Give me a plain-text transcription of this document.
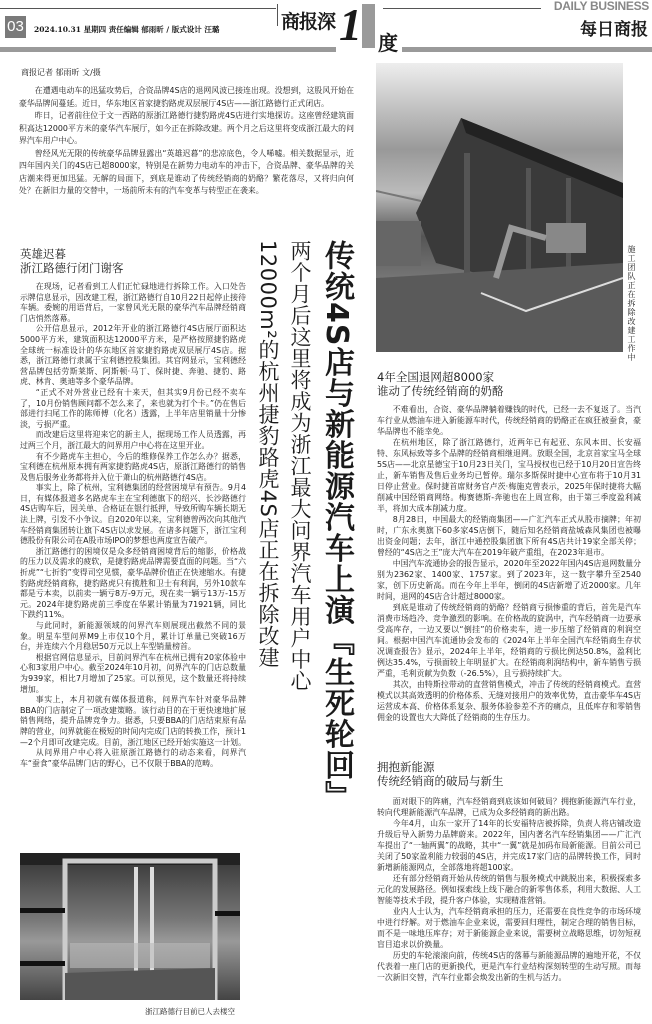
03 2024.10.31 星期四 责任编辑 郁雨昕 / 版式设计 汪璐	商报深 1 度
DAILY BUSINESS
每日商报
商报记者 郁雨昕 文/摄

在遭遇电动车的迅猛攻势后，合资品牌4S店的退网风波已接连出现。没想到，这股风开始在豪华品牌间蔓延。近日，华东地区首家捷豹路虎双层展厅4S店——浙江路德行正式闭店。

昨日，记者前往位于文一西路的原浙江路德行捷豹路虎4S店进行实地探访。这座曾经建筑面积高达12000平方米的豪华汽车展厅，如今正在拆除改建。两个月之后这里将变成浙江最大的问界汽车用户中心。

曾经风光无限的传统豪华品牌显露出“英雄迟暮”的悲凉底色，令人唏嘘。相关数据显示，近四年国内关门的4S店已超8000家，特别是在新势力电动车的冲击下，合资品牌、豪华品牌的关店潮来得更加迅猛。无解的局面下，到底是谁动了传统经销商的奶酪？繁花落尽，又将归向何处？在新旧力量的交替中，一场前所未有的汽车变革与转型正在袭来。

施工团队正在拆除改建工作中
传统4S店与新能源汽车上演『生死轮回』
两个月后这里将成为浙江最大问界汽车用户中心
12000m²的杭州捷豹路虎4S店正在拆除改建
英雄迟暮
浙江路德行闭门谢客

在现场，记者看到工人们正忙碌地进行拆除工作。入口处告示牌信息显示，因改建工程，浙江路德行自10月22日起停止接待车辆。委婉的用语背后，一家曾风光无限的豪华汽车品牌经销商门店悄然落幕。

公开信息显示，2012年开业的浙江路德行4S店展厅面积达5000平方米，建筑面积达12000平方米，是严格按照捷豹路虎全球统一标准设计的华东地区首家捷豹路虎双层展厅4S店。据悉，浙江路德行隶属于宝利德控股集团。其官网显示，宝利德经营品牌包括劳斯莱斯、阿斯顿·马丁、保时捷、奔驰、捷豹、路虎、林肯、奥迪等多个豪华品牌。

“正式不对外营业已经有十来天，但其实9月份已经不卖车了，10月份销售顾问都不怎么来了，来也就为打个卡。”仍在售后部进行扫尾工作的陈师傅（化名）透露，上半年店里销量十分惨淡，亏损严重。

而改建后这里将迎来它的新主人，据现场工作人员透露，再过两三个月，浙江最大的问界用户中心将在这里开业。

有不少路虎车主担心，今后的维修保养工作怎么办？据悉，宝利德在杭州原本拥有两家捷豹路虎4S店，原浙江路德行的销售及售后服务业务都将并入位于萧山的杭州路德行4S店。

事实上，除了杭州，宝利德集团的经营困境早有预告。9月4日，有媒体报道多名路虎车主在宝利德旗下的绍兴、长沙路德行4S店购车后，因关单、合格证在银行抵押，导致所购车辆长期无法上牌，引发不小争议。自2020年以来，宝利德曾两次向其他汽车经销商集团转让旗下4S店以求发展。在诸多问题下，浙江宝利德股份有限公司在A股市场IPO的梦想也两度宣告破产。

浙江路德行的困境仅是众多经销商困境背后的缩影，价格战的压力以及需求的疲软，是捷豹路虎品牌需要直面的问题。当“六折虎”“七折豹”变得司空见惯，豪华品牌价值正在快速缩水。有捷豹路虎经销商称，捷豹路虎只有揽胜和卫士有利润，另外10款车都是亏本卖，以前卖一辆亏8万-9万元，现在卖一辆亏13万-15万元。2024年捷豹路虎前三季度在华累计销量为71921辆，同比下跌约11%。

与此同时，新能源领域的问界汽车则展现出截然不同的景象。明星车型问界M9上市仅10个月，累计订单量已突破16万台，并连续六个月稳居50万元以上车型销量榜首。

根据官网信息显示，目前问界汽车在杭州已拥有20家体验中心和3家用户中心。截至2024年10月初，问界汽车的门店总数量为939家，相比7月增加了25家。可以预见，这个数量还将持续增加。

事实上，本月初就有媒体报道称，问界汽车针对豪华品牌BBA的门店制定了一项改建策略。该行动目的在于更快速地扩展销售网络，提升品牌竞争力。据悉，只要BBA的门店结束原有品牌的营业，问界就能在极短的时间内完成门店的转换工作，预计1—2个月即可改建完成。目前，浙江地区已经开始实施这一计划。

从问界用户中心将入驻原浙江路德行的动态来看，问界汽车“蚕食”豪华品牌门店的野心，已不仅限于BBA的范畴。

浙江路德行目前已人去楼空
4年全国退网超8000家
谁动了传统经销商的奶酪

不难看出，合资、豪华品牌躺着赚钱的时代，已经一去不复返了。当汽车行业从燃油车进入新能源车时代，传统经销商的奶酪正在疯狂被蚕食，豪华品牌也不能幸免。

在杭州地区，除了浙江路德行，近两年已有起亚、东风本田、长安福特、东风标致等多个品牌的经销商相继退网。放眼全国，北京首家宝马全球5S店——北京星德宝于10月23日关门，宝马授权也已经于10月20日宣告终止，新车销售及售后业务均已暂停。瑞尔多斯保时捷中心宣布将于10月31日停止营业。保时捷首席财务官卢茨·梅施克曾表示，2025年保时捷将大幅削减中国经销商网络。梅赛德斯-奔驰也在上周宣称，由于第三季度盈利减半，将加大成本削减力度。

8月28日，中国最大的经销商集团——广汇汽车正式从股市摘牌；年初时，广东永奥旗下60多家4S店倒下，随后知名经销商盐城森风集团也被曝出资金问题；去年，浙江中通控股集团旗下所有4S店共计19家全部关停；曾经的“4S店之王”庞大汽车在2019年破产重组，在2023年退市。

中国汽车流通协会的报告显示，2020年至2022年国内4S店退网数量分别为2362家、1400家、1757家。到了2023年，这一数字攀升至2540家，创下历史新高。而在今年上半年，倒闭的4S店新增了近2000家。几年时间，退网的4S店合计超过8000家。

到底是谁动了传统经销商的奶酪？经销商亏损惨重的背后，首先是汽车消费市场趋冷、竞争激烈的影响。在价格战的旋涡中，汽车经销商一边要承受高库存，一边又要以“倒挂”的价格卖车，进一步压缩了经销商的利润空间。根据中国汽车流通协会发布的《2024年上半年全国汽车经销商生存状况调查报告》显示，2024年上半年，经销商的亏损比例达50.8%，盈利比例达35.4%，亏损面较上年明显扩大。在经销商利润结构中，新车销售亏损严重，毛利贡献为负数（-26.5%），且亏损持续扩大。

其次，由特斯拉带动的直营销售模式，冲击了传统的经销商模式。直营模式以其高效透明的价格体系、无缝对接用户的效率优势，直击豪华车4S店运营成本高、价格体系复杂、服务体验参差不齐的痛点，且低库存和零销售佣金的设置也大大降低了经销商的生存压力。

拥抱新能源
传统经销商的破局与新生

面对眼下的阵痛，汽车经销商到底该如何破局？拥抱新能源汽车行业，转向代理新能源汽车品牌，已成为众多经销商的新出路。

今年4月，山东一家开了14年的长安福特店被拆除，负责人将店铺改造升级后导入新势力品牌蔚来。2022年，国内著名汽车经销集团——广汇汽车提出了“一轴两翼”的战略，其中“一翼”就是加码布局新能源。目前公司已关闭了50家盈利能力较弱的4S店，并完成17家门店的品牌转换工作，同时新增新能源网点，全部落地将超100家。

还有部分经销商开始从传统的销售与服务模式中跳脱出来，积极探索多元化的发展路径。例如探索线上线下融合的新零售体系，利用大数据、人工智能等技术手段，提升客户体验，实现精准营销。

业内人士认为，汽车经销商承担的压力，还需要在良性竞争的市场环境中进行纾解。对于燃油车企业来说，需要回归理性，制定合理的销售目标，而不是一味地压库存；对于新能源企业来说，需要树立战略思维，切勿短视盲目追求以价换量。

历史的车轮滚滚向前，传统4S店的落幕与新能源品牌的遍地开花，不仅代表着一座门店的更新换代，更是汽车行业结构深刻转型的生动写照。而每一次新旧交替，汽车行业都会焕发出新的生机与活力。
